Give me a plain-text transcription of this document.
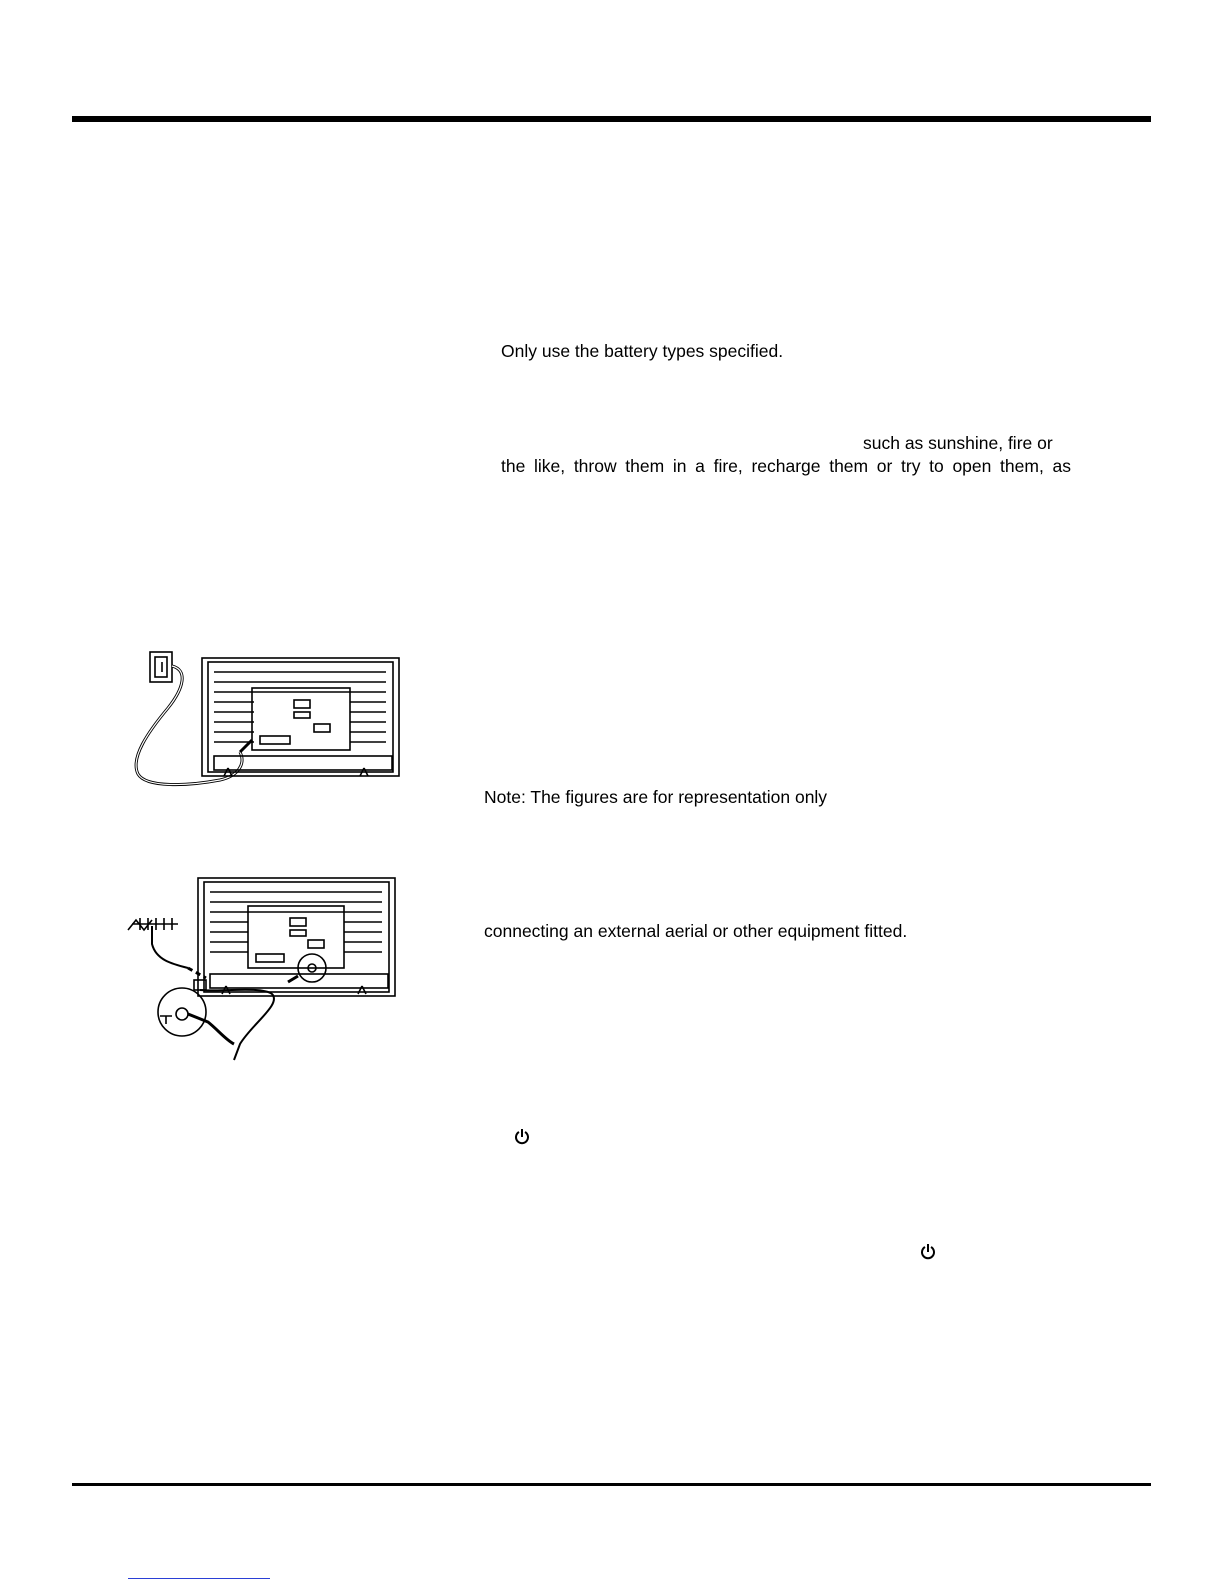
Only use the battery types specified.
such as sunshine, fire or
the like, throw them in a fire, recharge them or try to open them, as
Note: The figures are for representation only
connecting an external aerial or other equipment fitted.
